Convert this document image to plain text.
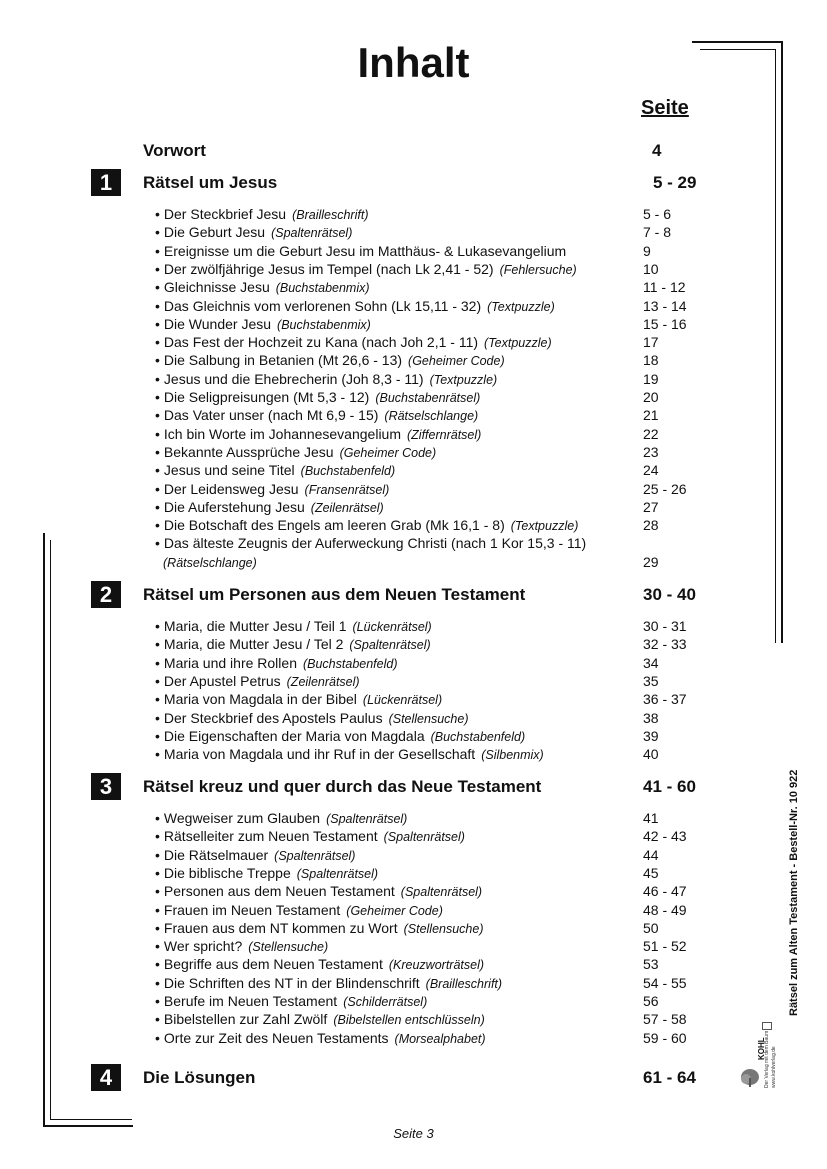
Inhalt
Seite
Vorwort	4
1	Rätsel um Jesus	5 - 29
• Der Steckbrief Jesu (Brailleschrift)	5 - 6
• Die Geburt Jesu (Spaltenrätsel)	7 - 8
• Ereignisse um die Geburt Jesu im Matthäus- & Lukasevangelium	9
• Der zwölfjährige Jesus im Tempel (nach Lk 2,41 - 52) (Fehlersuche)	10
• Gleichnisse Jesu (Buchstabenmix)	11 - 12
• Das Gleichnis vom verlorenen Sohn (Lk 15,11 - 32) (Textpuzzle)	13 - 14
• Die Wunder Jesu (Buchstabenmix)	15 - 16
• Das Fest der Hochzeit zu Kana (nach Joh 2,1 - 11) (Textpuzzle)	17
• Die Salbung in Betanien (Mt 26,6 - 13) (Geheimer Code)	18
• Jesus und die Ehebrecherin (Joh 8,3 - 11) (Textpuzzle)	19
• Die Seligpreisungen (Mt 5,3 - 12) (Buchstabenrätsel)	20
• Das Vater unser (nach Mt 6,9 - 15) (Rätselschlange)	21
• Ich bin Worte im Johannesevangelium (Ziffernrätsel)	22
• Bekannte Aussprüche Jesu (Geheimer Code)	23
• Jesus und seine Titel (Buchstabenfeld)	24
• Der Leidensweg Jesu (Fransenrätsel)	25 - 26
• Die Auferstehung Jesu (Zeilenrätsel)	27
• Die Botschaft des Engels am leeren Grab (Mk 16,1 - 8) (Textpuzzle)	28
• Das älteste Zeugnis der Auferweckung Christi (nach 1 Kor 15,3 - 11)
(Rätselschlange)	29
2	Rätsel um Personen aus dem Neuen Testament	30 - 40
• Maria, die Mutter Jesu / Teil 1 (Lückenrätsel)	30 - 31
• Maria, die Mutter Jesu / Tel 2 (Spaltenrätsel)	32 - 33
• Maria und ihre Rollen (Buchstabenfeld)	34
• Der Apustel Petrus (Zeilenrätsel)	35
• Maria von Magdala in der Bibel (Lückenrätsel)	36 - 37
• Der Steckbrief des Apostels Paulus (Stellensuche)	38
• Die Eigenschaften der Maria von Magdala (Buchstabenfeld)	39
• Maria von Magdala und ihr Ruf in der Gesellschaft (Silbenmix)	40
3	Rätsel kreuz und quer durch das Neue Testament	41 - 60
• Wegweiser zum Glauben (Spaltenrätsel)	41
• Rätselleiter zum Neuen Testament (Spaltenrätsel)	42 - 43
• Die Rätselmauer (Spaltenrätsel)	44
• Die biblische Treppe (Spaltenrätsel)	45
• Personen aus dem Neuen Testament (Spaltenrätsel)	46 - 47
• Frauen im Neuen Testament (Geheimer Code)	48 - 49
• Frauen aus dem NT kommen zu Wort (Stellensuche)	50
• Wer spricht? (Stellensuche)	51 - 52
• Begriffe aus dem Neuen Testament (Kreuzworträtsel)	53
• Die Schriften des NT in der Blindenschrift (Brailleschrift)	54 - 55
• Berufe im Neuen Testament (Schilderrätsel)	56
• Bibelstellen zur Zahl Zwölf (Bibelstellen entschlüsseln)	57 - 58
• Orte zur Zeit des Neuen Testaments (Morsealphabet)	59 - 60
4	Die Lösungen	61 - 64
Seite 3
Rätsel zum Alten Testament - Bestell-Nr. 10 922
KOHL
Der Verlag mit dem Baum www.kohlverlag.de
